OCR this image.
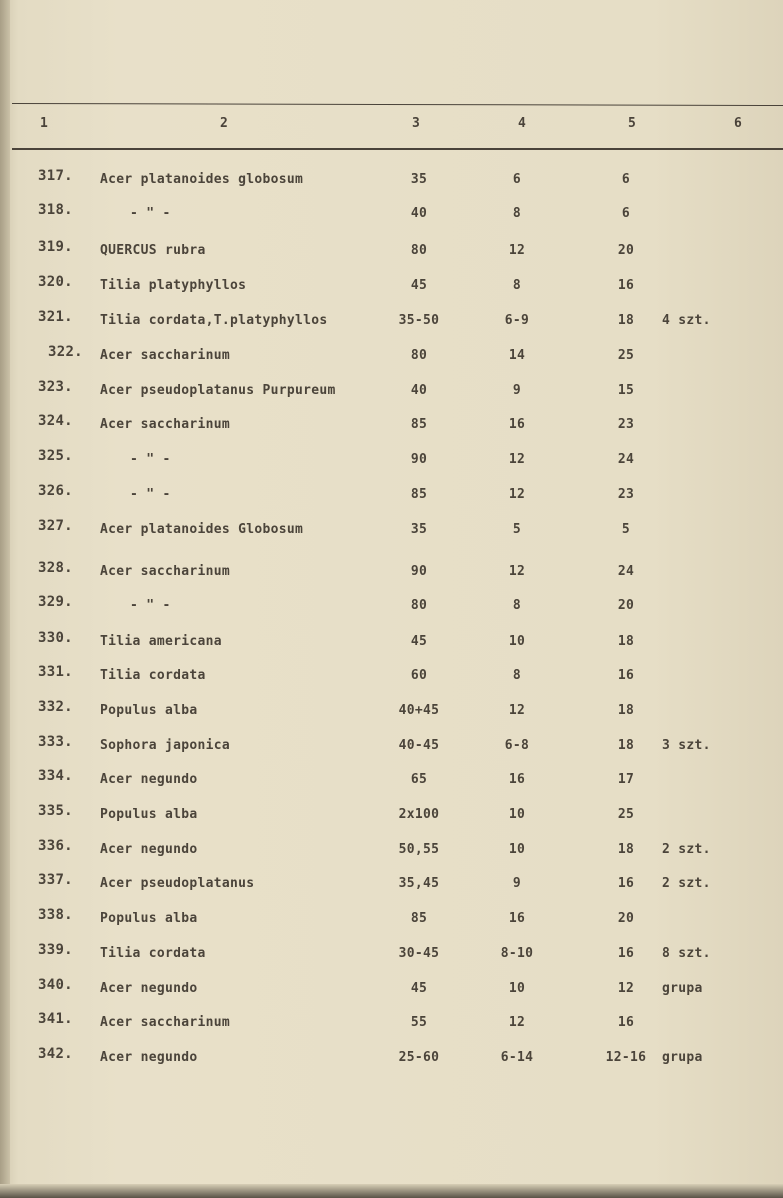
1	2	3	4	5	6
317. Acer platanoides globosum	35	6	6
318.	- " -	40	8	6
319. QUERCUS rubra	80	12	20
320. Tilia platyphyllos	45	8	16
321. Tilia cordata,T.platyphyllos	35-50	6-9	18	4 szt.
322. Acer saccharinum	80	14	25
323. Acer pseudoplatanus Purpureum	40	9	15
324. Acer saccharinum	85	16	23
325.	- " -	90	12	24
326.	- " -	85	12	23
327. Acer platanoides Globosum	35	5	5
328. Acer saccharinum	90	12	24
329.	- " -	80	8	20
330. Tilia americana	45	10	18
331. Tilia cordata	60	8	16
332. Populus alba	40+45	12	18
333. Sophora japonica	40-45	6-8	18	3 szt.
334. Acer negundo	65	16	17
335. Populus alba	2x100	10	25
336. Acer negundo	50,55	10	18	2 szt.
337. Acer pseudoplatanus	35,45	9	16	2 szt.
338. Populus alba	85	16	20
339. Tilia cordata	30-45	8-10	16	8 szt.
340. Acer negundo	45	10	12	grupa
341. Acer saccharinum	55	12	16
342. Acer negundo	25-60	6-14	12-16	grupa
